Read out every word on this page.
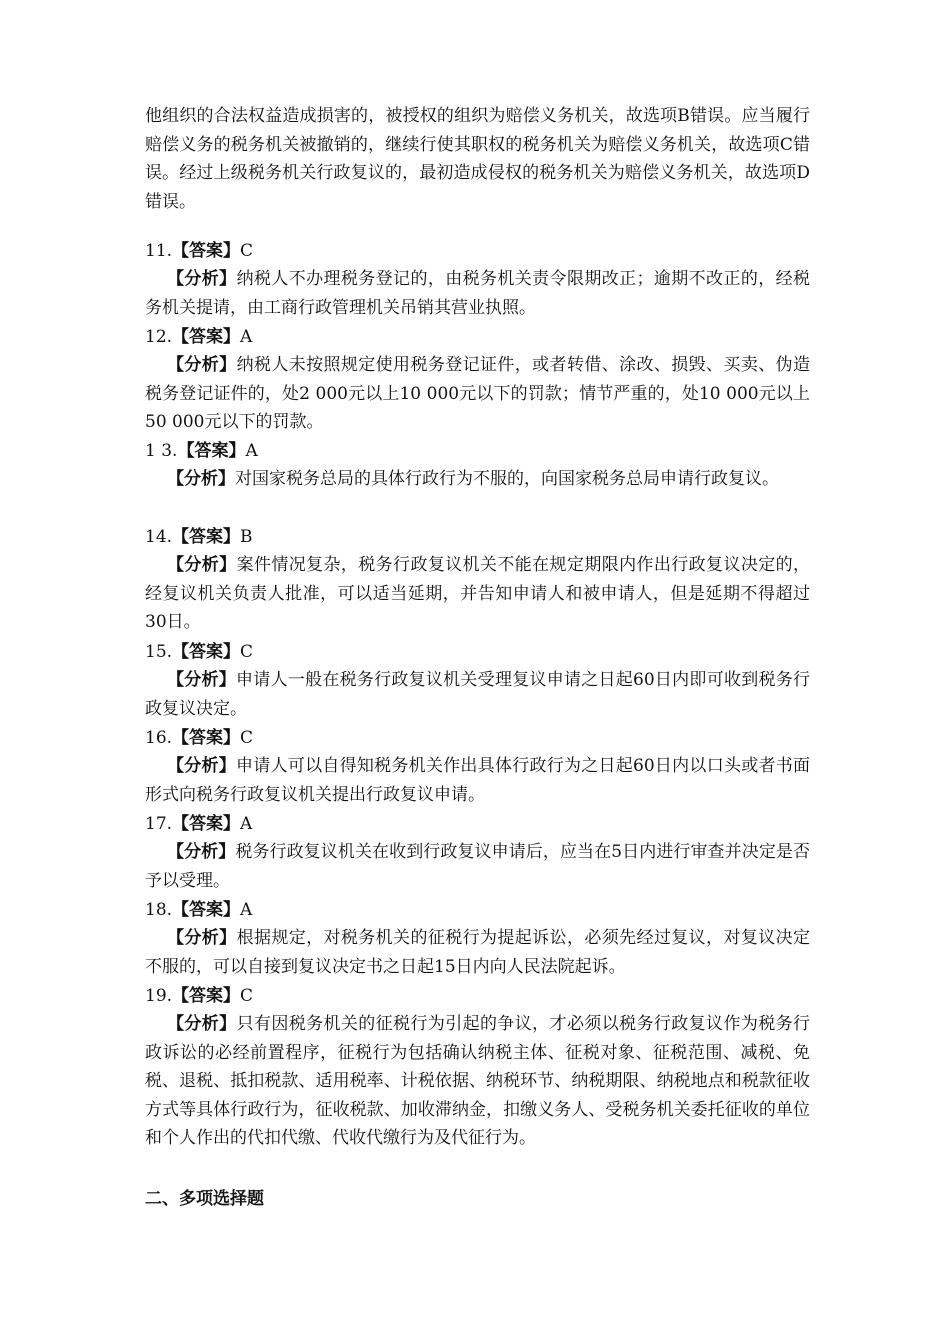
他组织的合法权益造成损害的，被授权的组织为赔偿义务机关，故选项B错误。应当履行赔偿义务的税务机关被撤销的，继续行使其职权的税务机关为赔偿义务机关，故选项C错误。经过上级税务机关行政复议的，最初造成侵权的税务机关为赔偿义务机关，故选项D错误。

11.【答案】C

【分析】纳税人不办理税务登记的，由税务机关责令限期改正；逾期不改正的，经税务机关提请，由工商行政管理机关吊销其营业执照。

12.【答案】A

【分析】纳税人未按照规定使用税务登记证件，或者转借、涂改、损毁、买卖、伪造税务登记证件的，处2 000元以上10 000元以下的罚款；情节严重的，处10 000元以上50 000元以下的罚款。

1 3.【答案】A

【分析】对国家税务总局的具体行政行为不服的，向国家税务总局申请行政复议。

14.【答案】B

【分析】案件情况复杂，税务行政复议机关不能在规定期限内作出行政复议决定的，经复议机关负责人批准，可以适当延期，并告知申请人和被申请人，但是延期不得超过30日。

15.【答案】C

【分析】申请人一般在税务行政复议机关受理复议申请之日起60日内即可收到税务行政复议决定。

16.【答案】C

【分析】申请人可以自得知税务机关作出具体行政行为之日起60日内以口头或者书面形式向税务行政复议机关提出行政复议申请。

17.【答案】A

【分析】税务行政复议机关在收到行政复议申请后，应当在5日内进行审查并决定是否予以受理。

18.【答案】A

【分析】根据规定，对税务机关的征税行为提起诉讼，必须先经过复议，对复议决定不服的，可以自接到复议决定书之日起15日内向人民法院起诉。

19.【答案】C

【分析】只有因税务机关的征税行为引起的争议，才必须以税务行政复议作为税务行政诉讼的必经前置程序，征税行为包括确认纳税主体、征税对象、征税范围、减税、免税、退税、抵扣税款、适用税率、计税依据、纳税环节、纳税期限、纳税地点和税款征收方式等具体行政行为，征收税款、加收滞纳金，扣缴义务人、受税务机关委托征收的单位和个人作出的代扣代缴、代收代缴行为及代征行为。

二、多项选择题
